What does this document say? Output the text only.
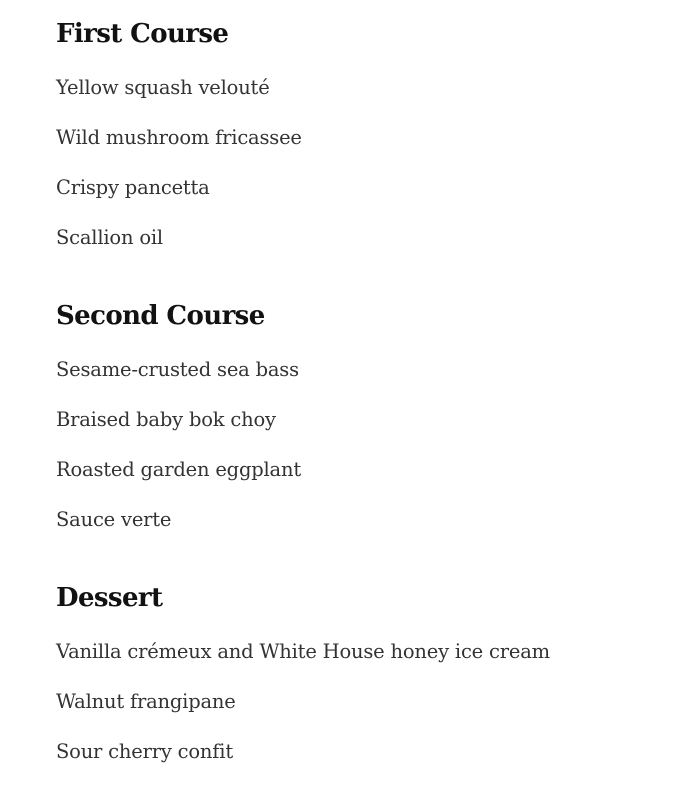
First Course
Yellow squash velouté
Wild mushroom fricassee
Crispy pancetta
Scallion oil
Second Course
Sesame-crusted sea bass
Braised baby bok choy
Roasted garden eggplant
Sauce verte
Dessert
Vanilla crémeux and White House honey ice cream
Walnut frangipane
Sour cherry confit
